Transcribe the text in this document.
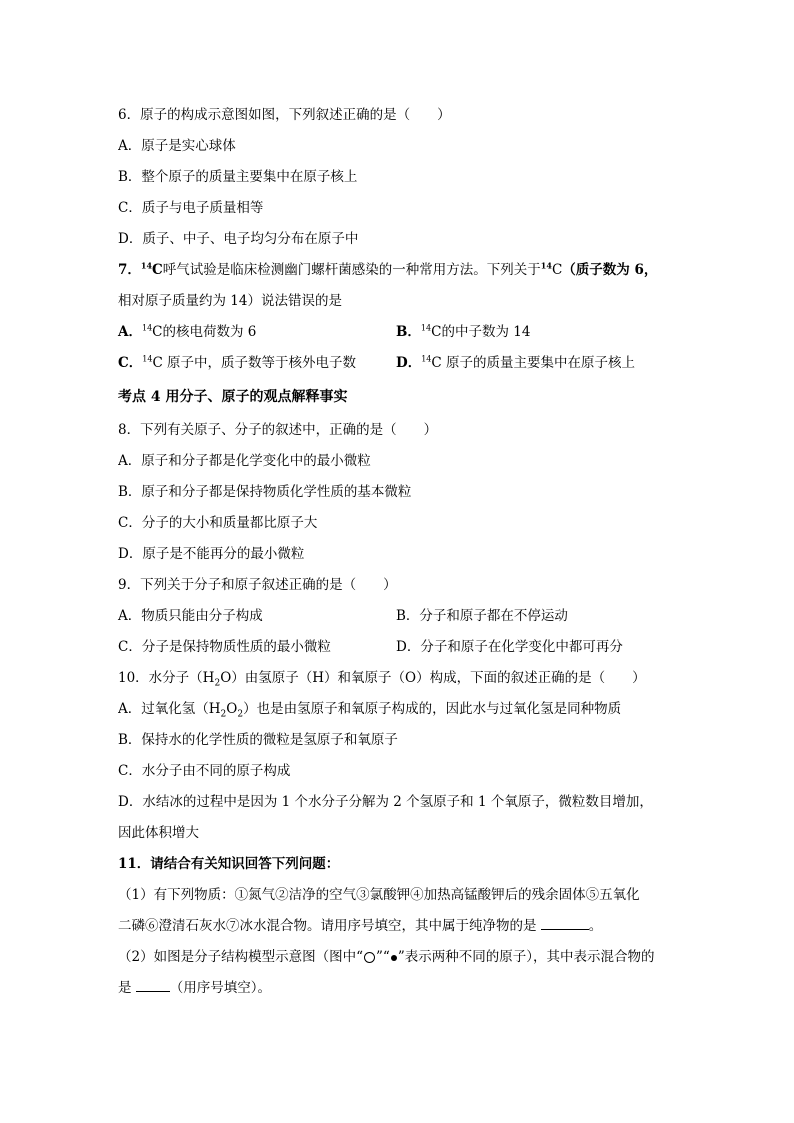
6．原子的构成示意图如图，下列叙述正确的是（　　）
A．原子是实心球体
B．整个原子的质量主要集中在原子核上
C．质子与电子质量相等
D．质子、中子、电子均匀分布在原子中
7．$^{14}$C呼气试验是临床检测幽门螺杆菌感染的一种常用方法。下列关于$^{14}$C（质子数为 6，
相对原子质量约为 14）说法错误的是
A．$^{14}$C的核电荷数为 6	B．$^{14}$C的中子数为 14
C．$^{14}$C 原子中，质子数等于核外电子数	D．$^{14}$C 原子的质量主要集中在原子核上
考点 4 用分子、原子的观点解释事实
8．下列有关原子、分子的叙述中，正确的是（　　）
A．原子和分子都是化学变化中的最小微粒
B．原子和分子都是保持物质化学性质的基本微粒
C．分子的大小和质量都比原子大
D．原子是不能再分的最小微粒
9．下列关于分子和原子叙述正确的是（　　）
A．物质只能由分子构成	B．分子和原子都在不停运动
C．分子是保持物质性质的最小微粒	D．分子和原子在化学变化中都可再分
10．水分子$(H_2O)$由氢原子（H）和氧原子（O）构成，下面的叙述正确的是（　　）
A．过氧化氢$(H_2O_2)$也是由氢原子和氧原子构成的，因此水与过氧化氢是同种物质
B．保持水的化学性质的微粒是氢原子和氧原子
C．水分子由不同的原子构成
D．水结冰的过程中是因为 1 个水分子分解为 2 个氢原子和 1 个氧原子，微粒数目增加，
因此体积增大
11．请结合有关知识回答下列问题：
（1）有下列物质：①氮气②洁净的空气③氯酸钾④加热高锰酸钾后的残余固体⑤五氧化
二磷⑥澄清石灰水⑦冰水混合物。请用序号填空，其中属于纯净物的是	。
（2）如图是分子结构模型示意图（图中“ ”“ ”表示两种不同的原子），其中表示混合物的
是	（用序号填空）。
